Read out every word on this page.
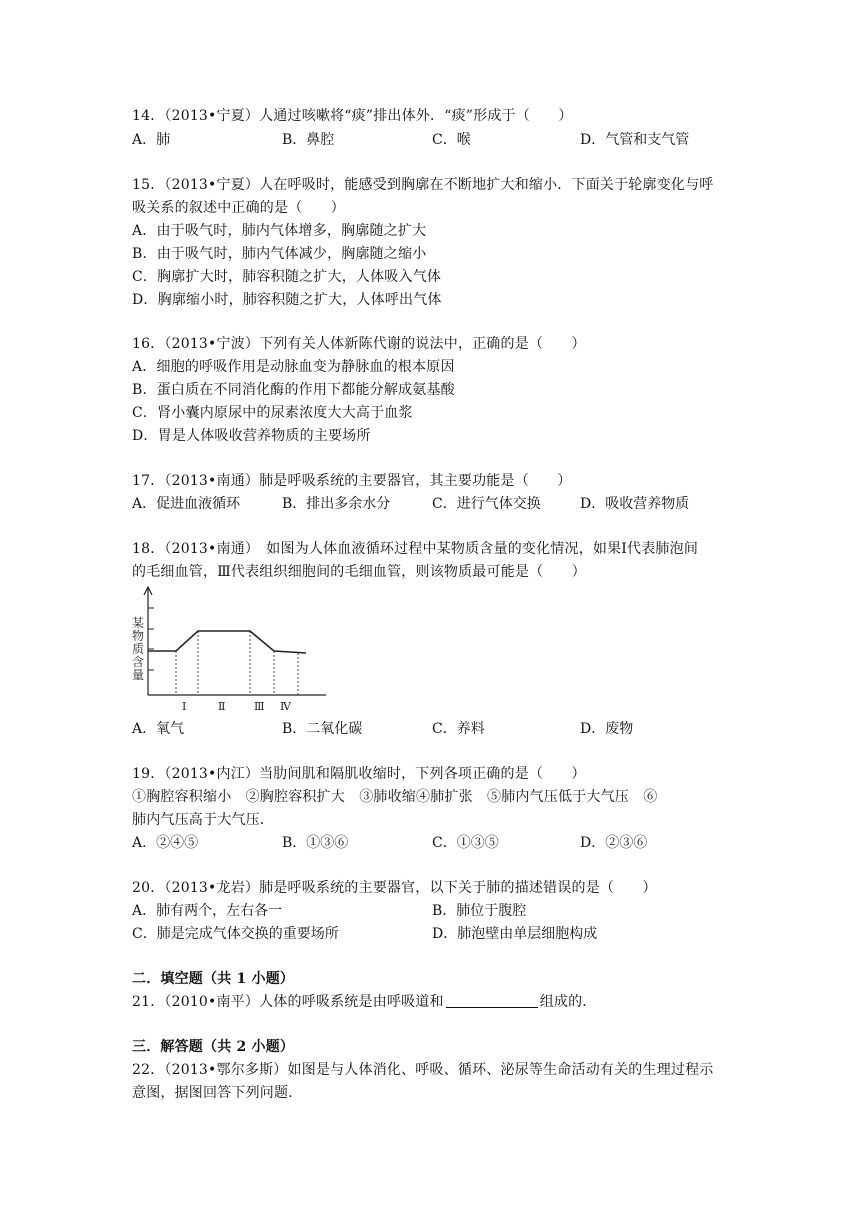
14．（2013•宁夏）人通过咳嗽将“痰”排出体外．“痰”形成于（　　）
A．肺	B．鼻腔	C．喉	D．气管和支气管
15．（2013•宁夏）人在呼吸时，能感受到胸廓在不断地扩大和缩小．下面关于轮廓变化与呼
吸关系的叙述中正确的是（　　）
A．由于吸气时，肺内气体增多，胸廓随之扩大
B．由于吸气时，肺内气体减少，胸廓随之缩小
C．胸廓扩大时，肺容积随之扩大，人体吸入气体
D．胸廓缩小时，肺容积随之扩大，人体呼出气体
16．（2013•宁波）下列有关人体新陈代谢的说法中，正确的是（　　）
A．细胞的呼吸作用是动脉血变为静脉血的根本原因
B．蛋白质在不同消化酶的作用下都能分解成氨基酸
C．肾小囊内原尿中的尿素浓度大大高于血浆
D．胃是人体吸收营养物质的主要场所
17．（2013•南通）肺是呼吸系统的主要器官，其主要功能是（　　）
A．促进血液循环	B．排出多余水分	C．进行气体交换	D．吸收营养物质
18．（2013•南通）　如图为人体血液循环过程中某物质含量的变化情况，如果Ⅰ代表肺泡间
的毛细血管，Ⅲ代表组织细胞间的毛细血管，则该物质最可能是（　　）
某物质含量
Ⅰ	Ⅱ	Ⅲ Ⅳ
A．氧气	B．二氧化碳	C．养料	D．废物
19．（2013•内江）当肋间肌和隔肌收缩时，下列各项正确的是（　　）
①胸腔容积缩小　②胸腔容积扩大　③肺收缩④肺扩张　⑤肺内气压低于大气压　⑥
肺内气压高于大气压．
A．②④⑤	B．①③⑥	C．①③⑤	D．②③⑥
20．（2013•龙岩）肺是呼吸系统的主要器官，以下关于肺的描述错误的是（　　）
A．肺有两个，左右各一	B．肺位于腹腔
C．肺是完成气体交换的重要场所	D．肺泡壁由单层细胞构成
二．填空题（共 1 小题）
21．（2010•南平）人体的呼吸系统是由呼吸道和	组成的．
三．解答题（共 2 小题）
22．（2013•鄂尔多斯）如图是与人体消化、呼吸、循环、泌尿等生命活动有关的生理过程示
意图，据图回答下列问题．
